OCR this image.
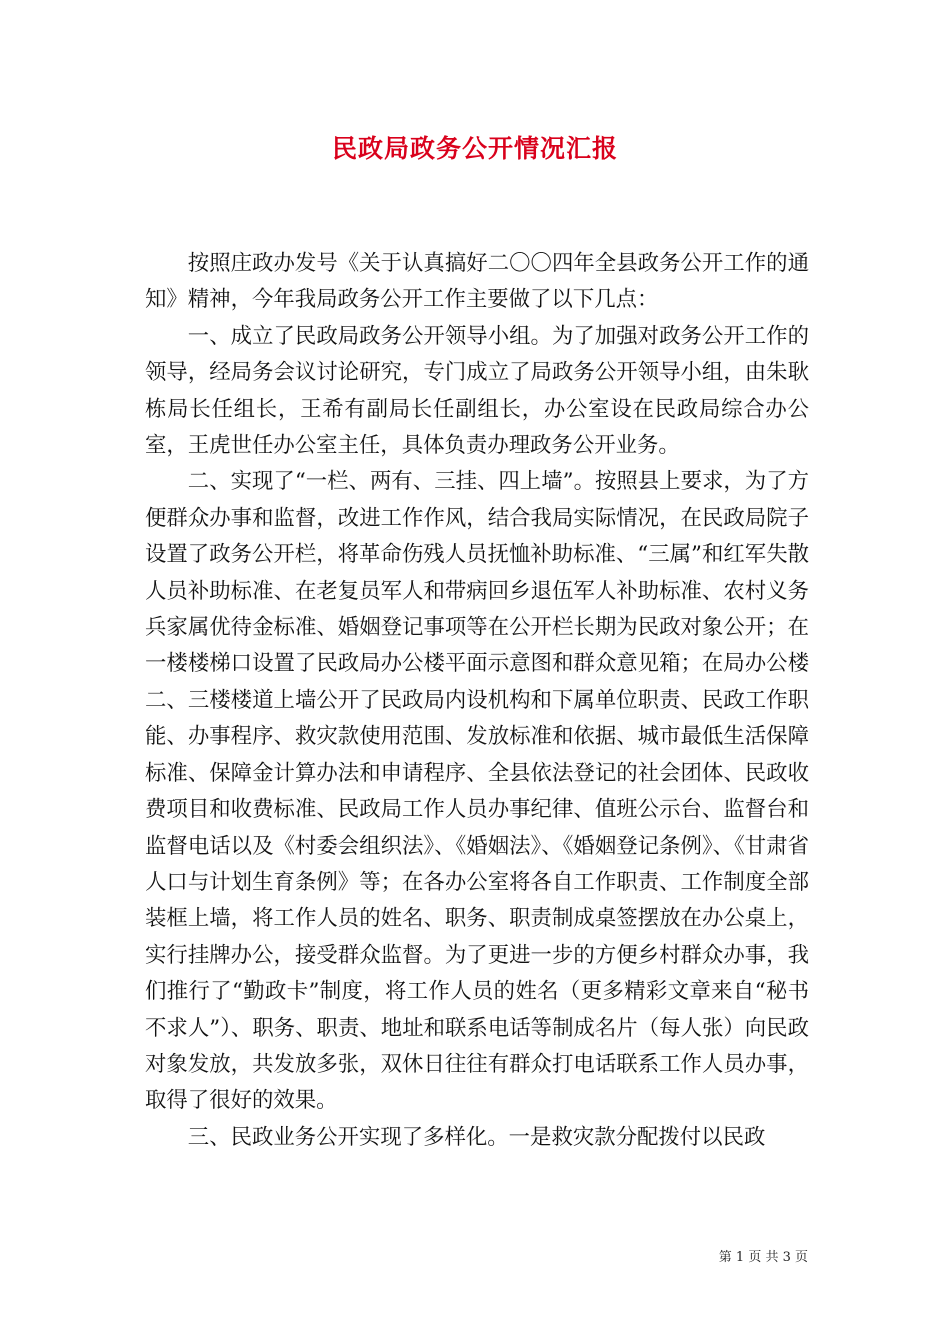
民政局政务公开情况汇报

按照庄政办发号《关于认真搞好二〇〇四年全县政务公开工作的通知》精神，今年我局政务公开工作主要做了以下几点：

一、成立了民政局政务公开领导小组。为了加强对政务公开工作的领导，经局务会议讨论研究，专门成立了局政务公开领导小组，由朱耿栋局长任组长，王希有副局长任副组长，办公室设在民政局综合办公室，王虎世任办公室主任，具体负责办理政务公开业务。

二、实现了“一栏、两有、三挂、四上墙”。按照县上要求，为了方便群众办事和监督，改进工作作风，结合我局实际情况，在民政局院子设置了政务公开栏，将革命伤残人员抚恤补助标准、“三属”和红军失散人员补助标准、在老复员军人和带病回乡退伍军人补助标准、农村义务兵家属优待金标准、婚姻登记事项等在公开栏长期为民政对象公开；在一楼楼梯口设置了民政局办公楼平面示意图和群众意见箱；在局办公楼二、三楼楼道上墙公开了民政局内设机构和下属单位职责、民政工作职能、办事程序、救灾款使用范围、发放标准和依据、城市最低生活保障标准、保障金计算办法和申请程序、全县依法登记的社会团体、民政收费项目和收费标准、民政局工作人员办事纪律、值班公示台、监督台和监督电话以及《村委会组织法》、《婚姻法》、《婚姻登记条例》、《甘肃省人口与计划生育条例》等；在各办公室将各自工作职责、工作制度全部装框上墙，将工作人员的姓名、职务、职责制成桌签摆放在办公桌上，实行挂牌办公，接受群众监督。为了更进一步的方便乡村群众办事，我们推行了“勤政卡”制度，将工作人员的姓名（更多精彩文章来自“秘书不求人”）、职务、职责、地址和联系电话等制成名片（每人张）向民政对象发放，共发放多张，双休日往往有群众打电话联系工作人员办事，取得了很好的效果。

三、民政业务公开实现了多样化。一是救灾款分配拨付以民政

第 1 页 共 3 页
